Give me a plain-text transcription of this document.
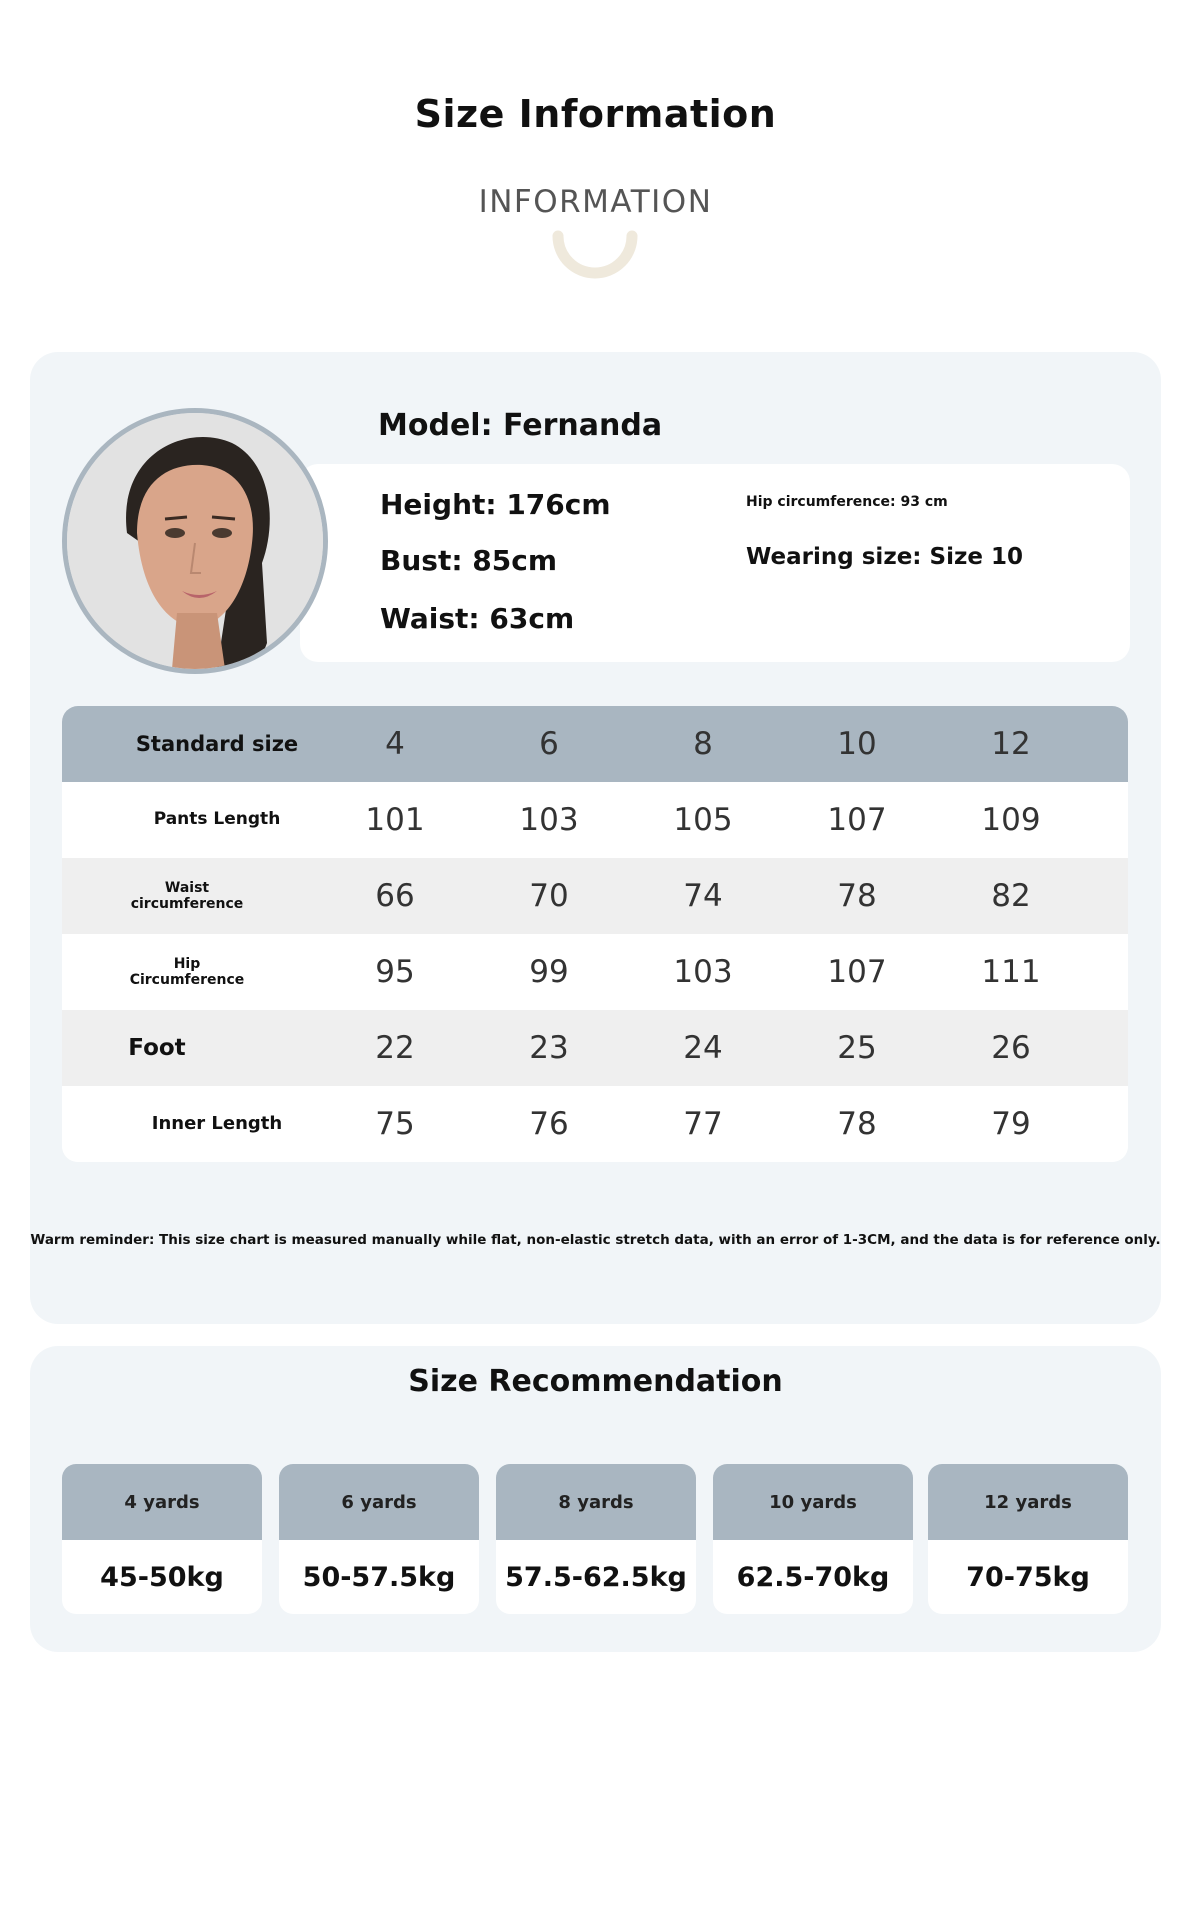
Size Information
INFORMATION
Model: Fernanda
Height: 176cm
Bust: 85cm
Waist: 63cm
Hip circumference: 93 cm
Wearing size: Size 10
Standard size	4	6	8	10	12
Pants Length	101	103	105	107	109
Waist
circumference	66	70	74	78	82
Hip
Circumference	95	99	103	107	111
Foot	22	23	24	25	26
Inner Length	75	76	77	78	79
Warm reminder: This size chart is measured manually while flat, non-elastic stretch data, with an error of 1-3CM, and the data is for reference only.
Size Recommendation
4 yards
45-50kg
6 yards
50-57.5kg
8 yards
57.5-62.5kg
10 yards
62.5-70kg
12 yards
70-75kg
